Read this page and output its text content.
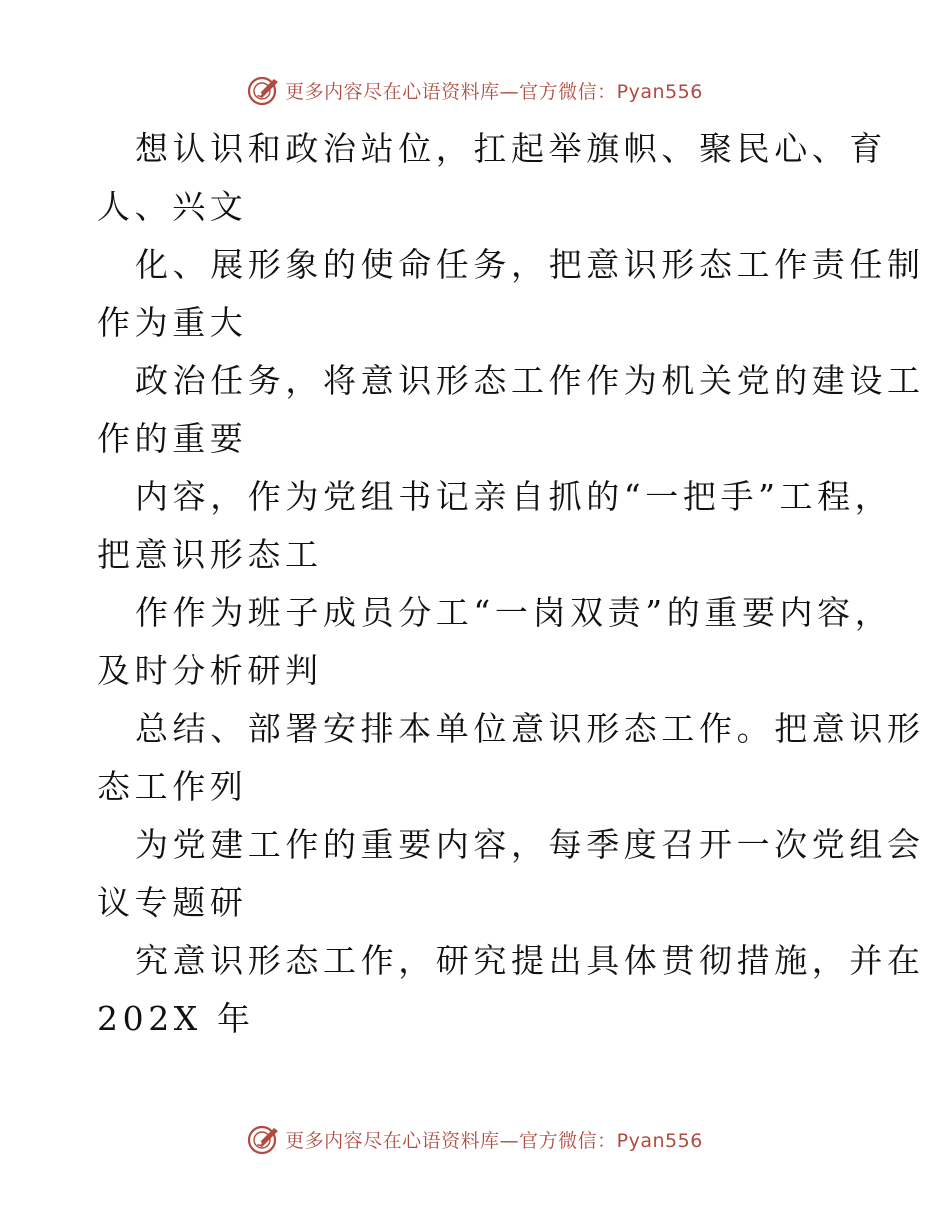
更多内容尽在心语资料库—官方微信：Pyan556
想认识和政治站位，扛起举旗帜、聚民心、育
人、兴文
化、展形象的使命任务，把意识形态工作责任制
作为重大
政治任务，将意识形态工作作为机关党的建设工
作的重要
内容，作为党组书记亲自抓的“一把手”工程，
把意识形态工
作作为班子成员分工“一岗双责”的重要内容，
及时分析研判
总结、部署安排本单位意识形态工作。把意识形
态工作列
为党建工作的重要内容，每季度召开一次党组会
议专题研
究意识形态工作，研究提出具体贯彻措施，并在
202X 年
更多内容尽在心语资料库—官方微信：Pyan556
